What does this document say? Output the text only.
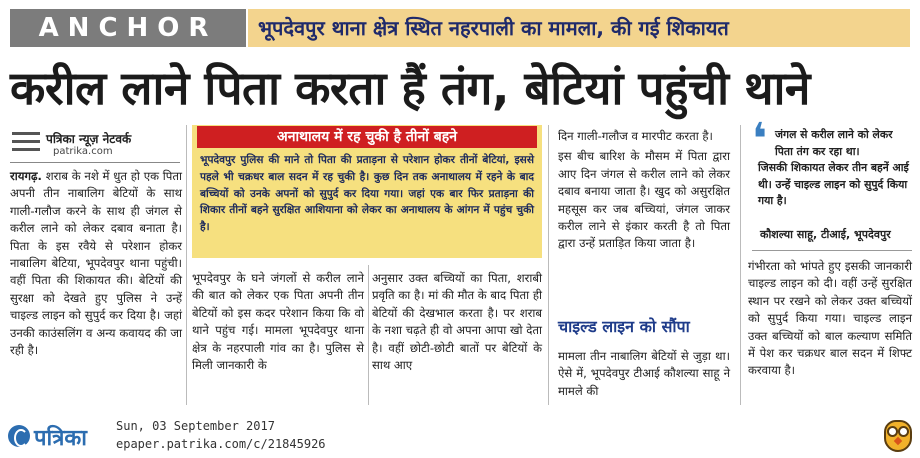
ANCHOR	भूपदेवपुर थाना क्षेत्र स्थित नहरपाली का मामला, की गई शिकायत
करील लाने पिता करता हैं तंग, बेटियां पहुंची थाने
पत्रिका न्यूज़ नेटवर्क
patrika.com

रायगढ़. शराब के नशे में धुत हो एक पिता अपनी तीन नाबालिग बेटियों के साथ गाली-गलौज करने के साथ ही जंगल से करील लाने को लेकर दबाव बनाता है। पिता के इस रवैये से परेशान होकर नाबालिग बेटिया, भूपदेवपुर थाना पहुंची। वहीं पिता की शिकायत की। बेटियों की सुरक्षा को देखते हुए पुलिस ने उन्हें चाइल्ड लाइन को सुपुर्द कर दिया है। जहां उनकी काउंसलिंग व अन्य कवायद की जा रही है।

अनाथालय में रह चुकी है तीनों बहने
भूपदेवपुर पुलिस की माने तो पिता की प्रताड़ना से परेशान होकर तीनों बेटियां, इससे पहले भी चक्रधर बाल सदन में रह चुकी है। कुछ दिन तक अनाथालय में रहने के बाद बच्चियों को उनके अपनों को सुपुर्द कर दिया गया। जहां एक बार फिर प्रताड़ना की शिकार तीनों बहने सुरक्षित आशियाना को लेकर का अनाथालय के आंगन में पहुंच चुकी है।

भूपदेवपुर के घने जंगलों से करील लाने की बात को लेकर एक पिता अपनी तीन बेटियों को इस कदर परेशान किया कि वो थाने पहुंच गई। मामला भूपदेवपुर थाना क्षेत्र के नहरपाली गांव का है। पुलिस से मिली जानकारी के

अनुसार उक्त बच्चियों का पिता, शराबी प्रवृति का है। मां की मौत के बाद पिता ही बेटियों की देखभाल करता है। पर शराब के नशा चढ़ते ही वो अपना आपा खो देता है। वहीं छोटी-छोटी बातों पर बेटियों के साथ आए

दिन गाली-गलौज व मारपीट करता है।

इस बीच बारिश के मौसम में पिता द्वारा आए दिन जंगल से करील लाने को लेकर दबाव बनाया जाता है। खुद को असुरक्षित महसूस कर जब बच्चियां, जंगल जाकर करील लाने से इंकार करती है तो पिता द्वारा उन्हें प्रताड़ित किया जाता है।

चाइल्ड लाइन को सौंपा

मामला तीन नाबालिग बेटियों से जुड़ा था। ऐसे में, भूपदेवपुर टीआई कौशल्या साहू ने मामले की

❛ जंगल से करील लाने को लेकर पिता तंग कर रहा था।
जिसकी शिकायत लेकर तीन बहनें आई थी। उन्हें चाइल्ड लाइन को सुपुर्द किया गया है।
कौशल्या साहू, टीआई, भूपदेवपुर

गंभीरता को भांपते हुए इसकी जानकारी चाइल्ड लाइन को दी। वहीं उन्हें सुरक्षित स्थान पर रखने को लेकर उक्त बच्चियों को सुपुर्द किया गया। चाइल्ड लाइन उक्त बच्चियों को बाल कल्याण समिति में पेश कर चक्रधर बाल सदन में शिफ्ट करवाया है।

पत्रिका Sun, 03 September 2017
epaper.patrika.com/c/21845926
